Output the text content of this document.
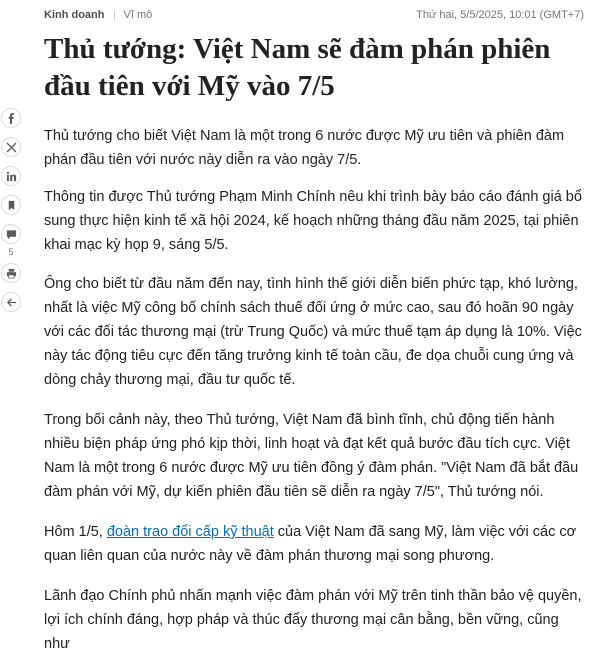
5
Kinh doanh Vĩ mô	Thứ hai, 5/5/2025, 10:01 (GMT+7)
Thủ tướng: Việt Nam sẽ đàm phán phiên đầu tiên với Mỹ vào 7/5

Thủ tướng cho biết Việt Nam là một trong 6 nước được Mỹ ưu tiên và phiên đàm phán đầu tiên với nước này diễn ra vào ngày 7/5.

Thông tin được Thủ tướng Phạm Minh Chính nêu khi trình bày báo cáo đánh giá bổ sung thực hiện kinh tế xã hội 2024, kế hoạch những tháng đầu năm 2025, tại phiên khai mạc kỳ họp 9, sáng 5/5.

Ông cho biết từ đầu năm đến nay, tình hình thế giới diễn biến phức tạp, khó lường, nhất là việc Mỹ công bố chính sách thuế đối ứng ở mức cao, sau đó hoãn 90 ngày với các đối tác thương mại (trừ Trung Quốc) và mức thuế tạm áp dụng là 10%. Việc này tác động tiêu cực đến tăng trưởng kinh tế toàn cầu, đe dọa chuỗi cung ứng và dòng chảy thương mại, đầu tư quốc tế.

Trong bối cảnh này, theo Thủ tướng, Việt Nam đã bình tĩnh, chủ động tiến hành nhiều biện pháp ứng phó kịp thời, linh hoạt và đạt kết quả bước đầu tích cực. Việt Nam là một trong 6 nước được Mỹ ưu tiên đồng ý đàm phán. "Việt Nam đã bắt đầu đàm phán với Mỹ, dự kiến phiên đầu tiên sẽ diễn ra ngày 7/5", Thủ tướng nói.

Hôm 1/5, đoàn trao đổi cấp kỹ thuật của Việt Nam đã sang Mỹ, làm việc với các cơ quan liên quan của nước này về đàm phán thương mại song phương.

Lãnh đạo Chính phủ nhấn mạnh việc đàm phán với Mỹ trên tinh thần bảo vệ quyền, lợi ích chính đáng, hợp pháp và thúc đẩy thương mại cân bằng, bền vững, cũng như
